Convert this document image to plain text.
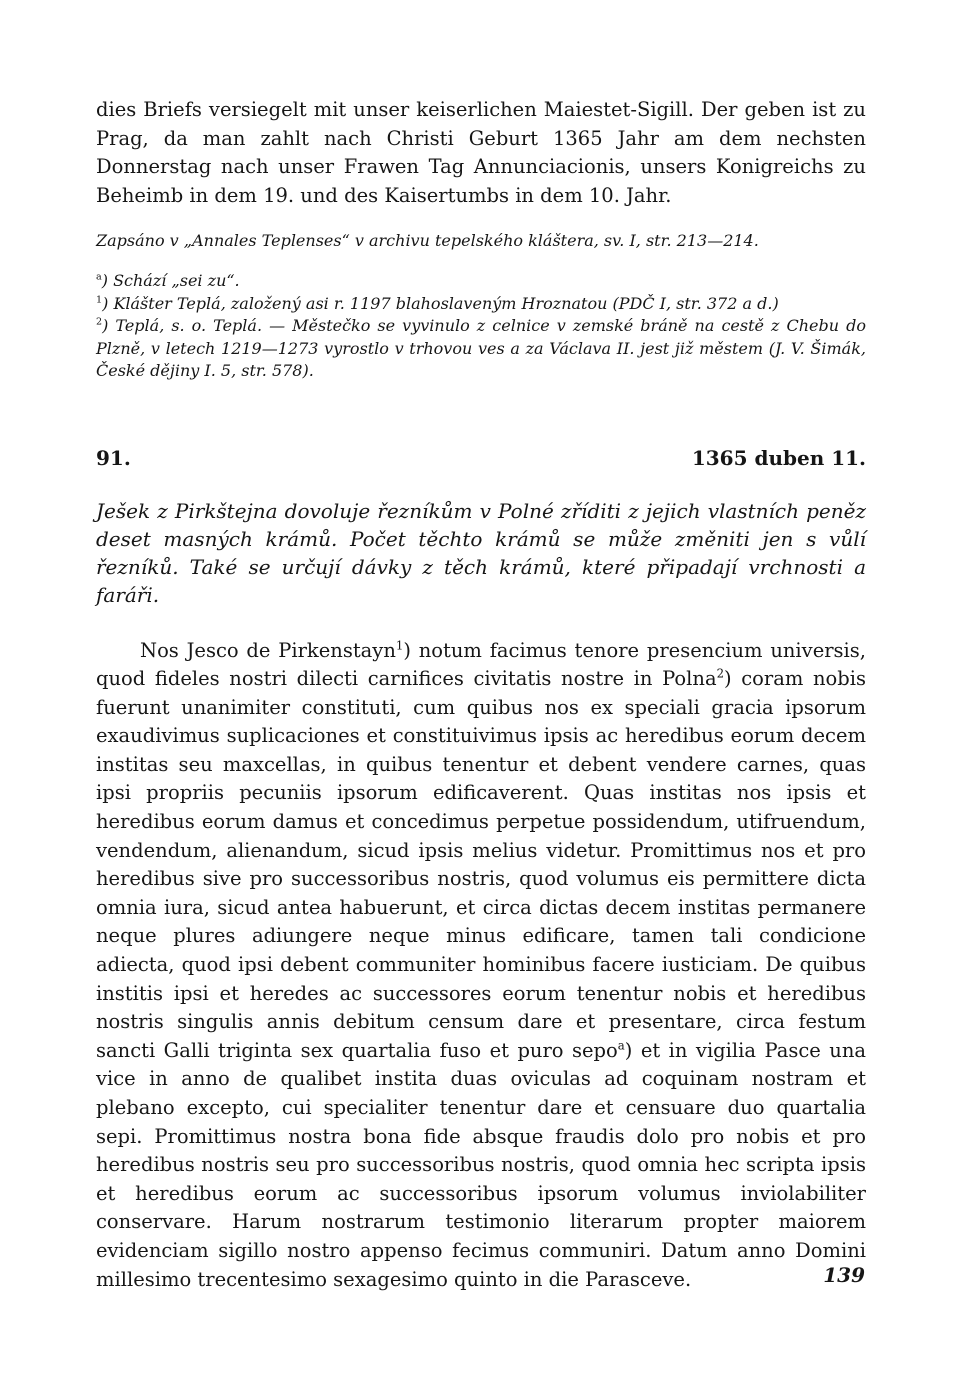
dies Briefs versiegelt mit unser keiserlichen Maiestet-Sigill. Der geben ist zu Prag, da man zahlt nach Christi Geburt 1365 Jahr am dem nechsten Donnerstag nach unser Frawen Tag Annunciacionis, unsers Konigreichs zu Beheimb in dem 19. und des Kaisertumbs in dem 10. Jahr.

Zapsáno v „Annales Teplenses“ v archivu tepelského kláštera, sv. I, str. 213—214.

$^a$) Schází „sei zu“.
$^1$) Klášter Teplá, založený asi r. 1197 blahoslaveným Hroznatou (PDČ I, str. 372 a d.)
$^2$) Teplá, s. o. Teplá. — Městečko se vyvinulo z celnice v zemské bráně na cestě z Chebu do Plzně, v letech 1219—1273 vyrostlo v trhovou ves a za Václava II. jest již městem (J. V. Šimák, České dějiny I. 5, str. 578).
91.	1365 duben 11.

Ješek z Pirkštejna dovoluje řezníkům v Polné zříditi z jejich vlastních peněz deset masných krámů. Počet těchto krámů se může změniti jen s vůlí řezníků. Také se určují dávky z těch krámů, které připadají vrchnosti a faráři.

Nos Jesco de Pirkenstayn$^1$) notum facimus tenore presencium universis, quod fideles nostri dilecti carnifices civitatis nostre in Polna$^2$) coram nobis fuerunt unanimiter constituti, cum quibus nos ex speciali gracia ipsorum exaudivimus suplicaciones et constituivimus ipsis ac heredibus eorum decem institas seu maxcellas, in quibus tenentur et debent vendere carnes, quas ipsi propriis pecuniis ipsorum edificaverent. Quas institas nos ipsis et heredibus eorum damus et concedimus perpetue possidendum, utifruendum, vendendum, alienandum, sicud ipsis melius videtur. Promittimus nos et pro heredibus sive pro successoribus nostris, quod volumus eis permittere dicta omnia iura, sicud antea habuerunt, et circa dictas decem institas permanere neque plures adiungere neque minus edificare, tamen tali condicione adiecta, quod ipsi debent communiter hominibus facere iusticiam. De quibus institis ipsi et heredes ac successores eorum tenentur nobis et heredibus nostris singulis annis debitum censum dare et presentare, circa festum sancti Galli triginta sex quartalia fuso et puro sepo$^a$) et in vigilia Pasce una vice in anno de qualibet instita duas oviculas ad coquinam nostram et plebano excepto, cui specialiter tenentur dare et censuare duo quartalia sepi. Promittimus nostra bona fide absque fraudis dolo pro nobis et pro heredibus nostris seu pro successoribus nostris, quod omnia hec scripta ipsis et heredibus eorum ac successoribus ipsorum volumus inviolabiliter conservare. Harum nostrarum testimonio literarum propter maiorem evidenciam sigillo nostro appenso fecimus communiri. Datum anno Domini millesimo trecentesimo sexagesimo quinto in die Parasceve.	139
